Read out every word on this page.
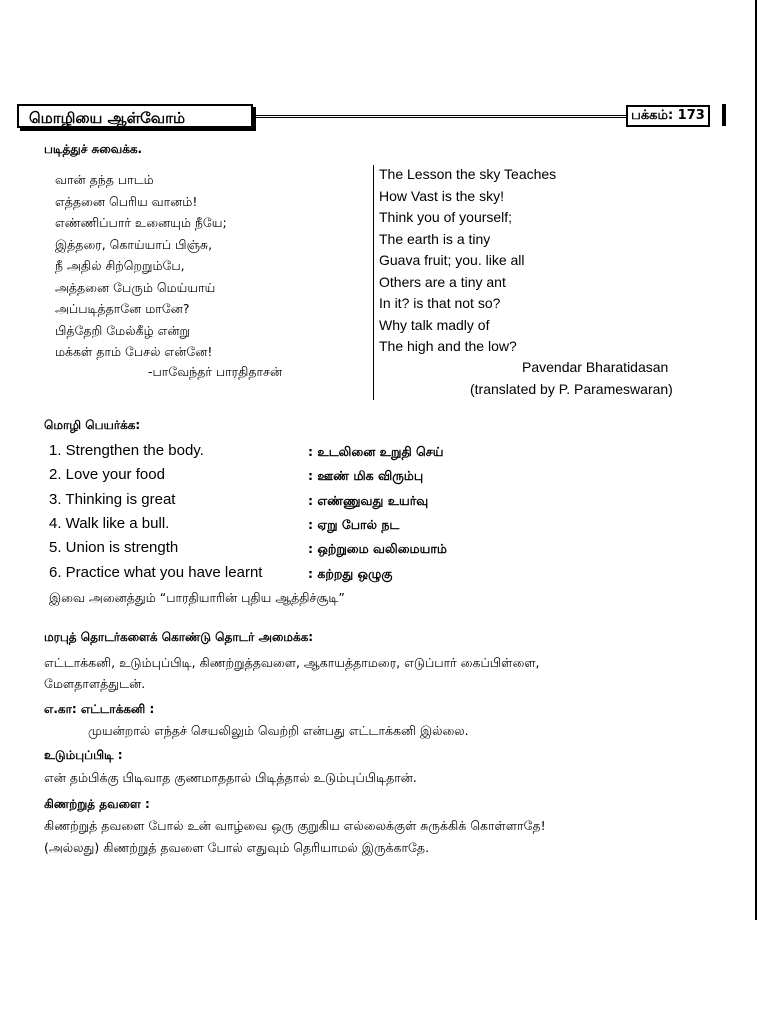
மொழியை ஆள்வோம்	பக்கம்: 173
படித்துச் சுவைக்க.
வான் தந்த பாடம்
எத்தனை பெரிய வானம்!
எண்ணிப்பார் உனையும் நீயே;
இத்தரை, கொய்யாப் பிஞ்சு,
நீ அதில் சிற்றெறும்பே,
அத்தனை பேரும் மெய்யாய்
அப்படித்தானே மானே?
பித்தேறி மேல்கீழ் என்று
மக்கள் தாம் பேசல் என்னே!
-பாவேந்தர் பாரதிதாசன்
The Lesson the sky Teaches
How Vast is the sky!
Think you of yourself;
The earth is a tiny
Guava fruit; you. like all
Others are a tiny ant
In it? is that not so?
Why talk madly of
The high and the low?
Pavendar Bharatidasan
(translated by P. Parameswaran)
மொழி பெயர்க்க:
1. Strengthen the body.	: உடலினை உறுதி செய்
2. Love your food	: ஊண் மிக விரும்பு
3. Thinking is great	: எண்ணுவது உயர்வு
4. Walk like a bull.	: ஏறு போல் நட
5. Union is strength	: ஒற்றுமை வலிமையாம்
6. Practice what you have learnt	: கற்றது ஒழுகு
இவை அனைத்தும் “பாரதியாரின் புதிய ஆத்திச்சூடி”
மரபுத் தொடர்களைக் கொண்டு தொடர் அமைக்க:
எட்டாக்கனி, உடும்புப்பிடி, கிணற்றுத்தவளை, ஆகாயத்தாமரை, எடுப்பார் கைப்பிள்ளை,
மேளதாளத்துடன்.
எ.கா: எட்டாக்கனி :
முயன்றால் எந்தச் செயலிலும் வெற்றி என்பது எட்டாக்கனி இல்லை.
உடும்புப்பிடி :
என் தம்பிக்கு பிடிவாத குணமாததால் பிடித்தால் உடும்புப்பிடிதான்.
கிணற்றுத் தவளை :
கிணற்றுத் தவளை போல் உன் வாழ்வை ஒரு குறுகிய எல்லைக்குள் சுருக்கிக் கொள்ளாதே!
(அல்லது) கிணற்றுத் தவளை போல் எதுவும் தெரியாமல் இருக்காதே.
